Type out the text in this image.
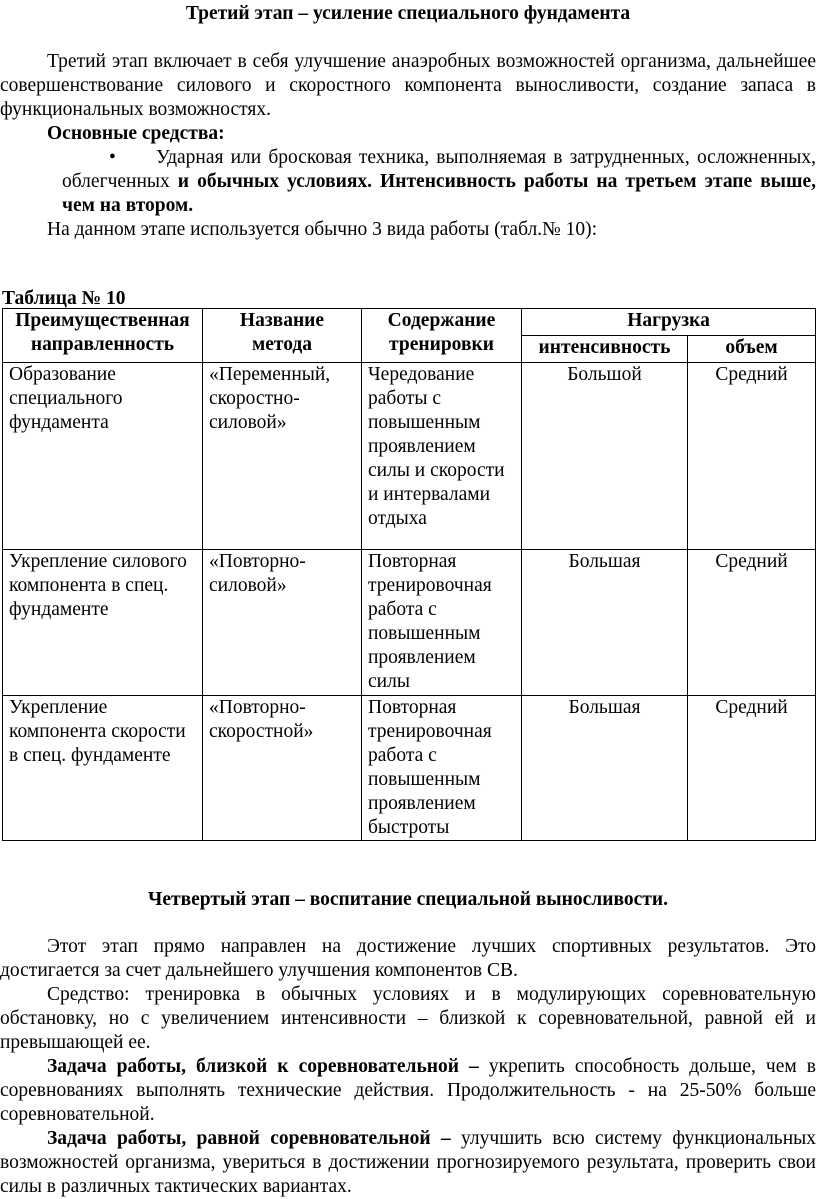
Третий этап – усиление специального фундамента

Третий этап включает в себя улучшение анаэробных возможностей организма, дальнейшее совершенствование силового и скоростного компонента выносливости, создание запаса в функциональных возможностях.

Основные средства:

•	Ударная или бросковая техника, выполняемая в затрудненных, осложненных, облегченных и обычных условиях. Интенсивность работы на третьем этапе выше, чем на втором.

На данном этапе используется обычно 3 вида работы (табл.№ 10):

Таблица № 10
Преимущественная направленность	Название метода	Содержание тренировки	Нагрузка	
			интенсивность	объем
Образование специального фундамента	«Переменный, скоростно-силовой»	Чередование работы с повышенным проявлением силы и скорости и интервалами отдыха	Большой	Средний
Укрепление силового компонента в спец. фундаменте	«Повторно-силовой»	Повторная тренировочная работа с повышенным проявлением силы	Большая	Средний
Укрепление компонента скорости в спец. фундаменте	«Повторно-скоростной»	Повторная тренировочная работа с повышенным проявлением быстроты	Большая	Средний
Четвертый этап – воспитание специальной выносливости.

Этот этап прямо направлен на достижение лучших спортивных результатов. Это достигается за счет дальнейшего улучшения компонентов СВ.

Средство: тренировка в обычных условиях и в модулирующих соревновательную обстановку, но с увеличением интенсивности – близкой к соревновательной, равной ей и превышающей ее.

Задача работы, близкой к соревновательной – укрепить способность дольше, чем в соревнованиях выполнять технические действия. Продолжительность - на 25-50% больше соревновательной.

Задача работы, равной соревновательной – улучшить всю систему функциональных возможностей организма, увериться в достижении прогнозируемого результата, проверить свои силы в различных тактических вариантах.
